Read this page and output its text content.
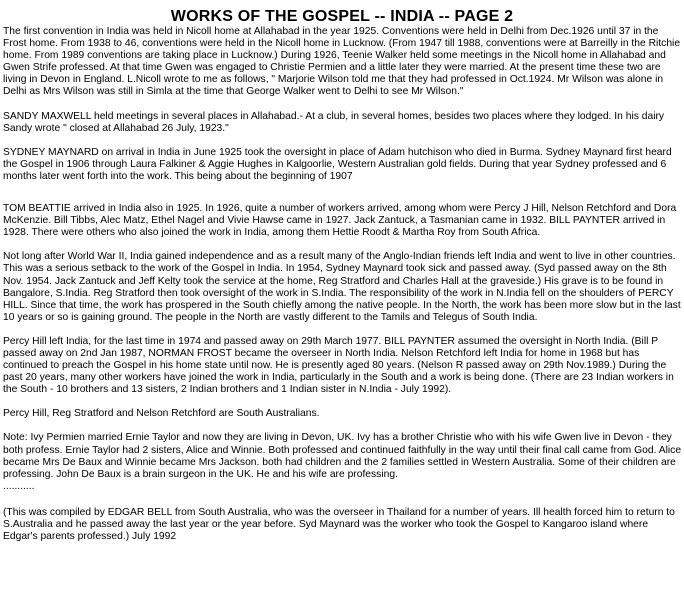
WORKS OF THE GOSPEL -- INDIA -- PAGE 2

The first convention in India was held in Nicoll home at Allahabad in the year 1925. Conventions were held in Delhi from Dec.1926 until 37 in the Frost home. From 1938 to 46, conventions were held in the Nicoll home in Lucknow. (From 1947 till 1988, conventions were at Barreilly in the Ritchie home. From 1989 conventions are taking place in Lucknow.) During 1926, Teenie Walker held some meetings in the Nicoll home in Allahabad and Gwen Strife professed. At that time Gwen was engaged to Christie Permien and a little later they were married. At the present time these two are living in Devon in England. L.Nicoll wrote to me as follows, " Marjorie Wilson told me that they had professed in Oct.1924. Mr Wilson was alone in Delhi as Mrs Wilson was still in Simla at the time that George Walker went to Delhi to see Mr Wilson."

SANDY MAXWELL held meetings in several places in Allahabad.- At a club, in several homes, besides two places where they lodged. In his dairy Sandy wrote " closed at Allahabad 26 July, 1923."

SYDNEY MAYNARD on arrival in India in June 1925 took the oversight in place of Adam hutchison who died in Burma. Sydney Maynard first heard the Gospel in 1906 through Laura Falkiner & Aggie Hughes in Kalgoorlie, Western Australian gold fields. During that year Sydney professed and 6 months later went forth into the work. This being about the beginning of 1907

TOM BEATTIE arrived in India also in 1925. In 1926, quite a number of workers arrived, among whom were Percy J Hill, Nelson Retchford and Dora McKenzie. Bill Tibbs, Alec Matz, Ethel Nagel and Vivie Hawse came in 1927. Jack Zantuck, a Tasmanian came in 1932. BILL PAYNTER arrived in 1928. There were others who also joined the work in India, among them Hettie Roodt & Martha Roy from South Africa.

Not long after World War II, India gained independence and as a result many of the Anglo-Indian friends left India and went to live in other countries. This was a serious setback to the work of the Gospel in India. In 1954, Sydney Maynard took sick and passed away. (Syd passed away on the 8th Nov. 1954. Jack Zantuck and Jeff Kelty took the service at the home, Reg Stratford and Charles Hall at the graveside.) His grave is to be found in Bangalore, S.India. Reg Stratford then took oversight of the work in S.India. The responsibility of the work in N.India fell on the shoulders of PERCY HILL. Since that time, the work has prospered in the South chiefly among the native people. In the North, the work has been more slow but in the last 10 years or so is gaining ground. The people in the North are vastly different to the Tamils and Telegus of South India.

Percy Hill left India, for the last time in 1974 and passed away on 29th March 1977. BILL PAYNTER assumed the oversight in North India. (Bill P passed away on 2nd Jan 1987, NORMAN FROST became the overseer in North India. Nelson Retchford left India for home in 1968 but has continued to preach the Gospel in his home state until now. He is presently aged 80 years. (Nelson R passed away on 29th Nov.1989.) During the past 20 years, many other workers have joined the work in India, particularly in the South and a work is being done. (There are 23 Indian workers in the South - 10 brothers and 13 sisters, 2 Indian brothers and 1 Indian sister in N.India - July 1992).

Percy Hill, Reg Stratford and Nelson Retchford are South Australians.

Note: Ivy Permien married Ernie Taylor and now they are living in Devon, UK. Ivy has a brother Christie who with his wife Gwen live in Devon - they both profess. Ernie Taylor had 2 sisters, Alice and Winnie. Both professed and continued faithfully in the way until their final call came from God. Alice became Mrs De Baux and Winnie became Mrs Jackson. both had children and the 2 families settled in Western Australia. Some of their children are professing. John De Baux is a brain surgeon in the UK. He and his wife are professing.

...........

(This was compiled by EDGAR BELL from South Australia, who was the overseer in Thailand for a number of years. Ill health forced him to return to S.Australia and he passed away the last year or the year before. Syd Maynard was the worker who took the Gospel to Kangaroo island where Edgar's parents professed.) July 1992
